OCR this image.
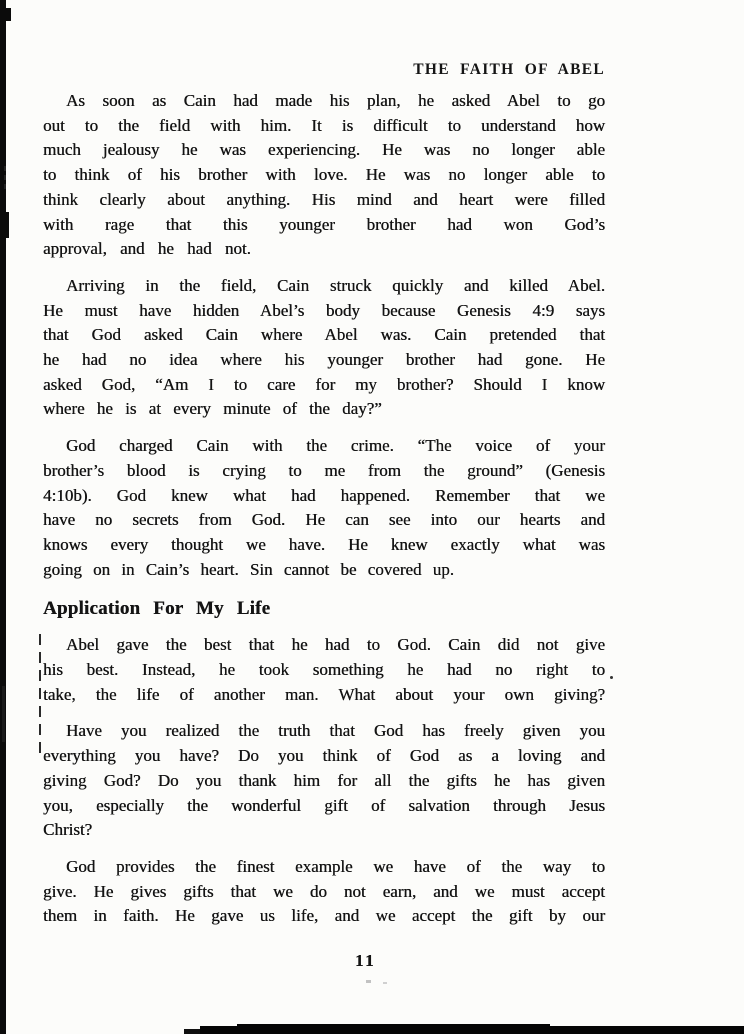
THE FAITH OF ABEL
As soon as Cain had made his plan, he asked Abel to go
out to the field with him. It is difficult to understand how
much jealousy he was experiencing. He was no longer able
to think of his brother with love. He was no longer able to
think clearly about anything. His mind and heart were filled
with rage that this younger brother had won God’s
approval, and he had not.
Arriving in the field, Cain struck quickly and killed Abel.
He must have hidden Abel’s body because Genesis 4:9 says
that God asked Cain where Abel was. Cain pretended that
he had no idea where his younger brother had gone. He
asked God, “Am I to care for my brother? Should I know
where he is at every minute of the day?”
God charged Cain with the crime. “The voice of your
brother’s blood is crying to me from the ground” (Genesis
4:10b). God knew what had happened. Remember that we
have no secrets from God. He can see into our hearts and
knows every thought we have. He knew exactly what was
going on in Cain’s heart. Sin cannot be covered up.
Application For My Life
Abel gave the best that he had to God. Cain did not give
his best. Instead, he took something he had no right to
take, the life of another man. What about your own giving?
Have you realized the truth that God has freely given you
everything you have? Do you think of God as a loving and
giving God? Do you thank him for all the gifts he has given
you, especially the wonderful gift of salvation through Jesus
Christ?
God provides the finest example we have of the way to
give. He gives gifts that we do not earn, and we must accept
them in faith. He gave us life, and we accept the gift by our
11
